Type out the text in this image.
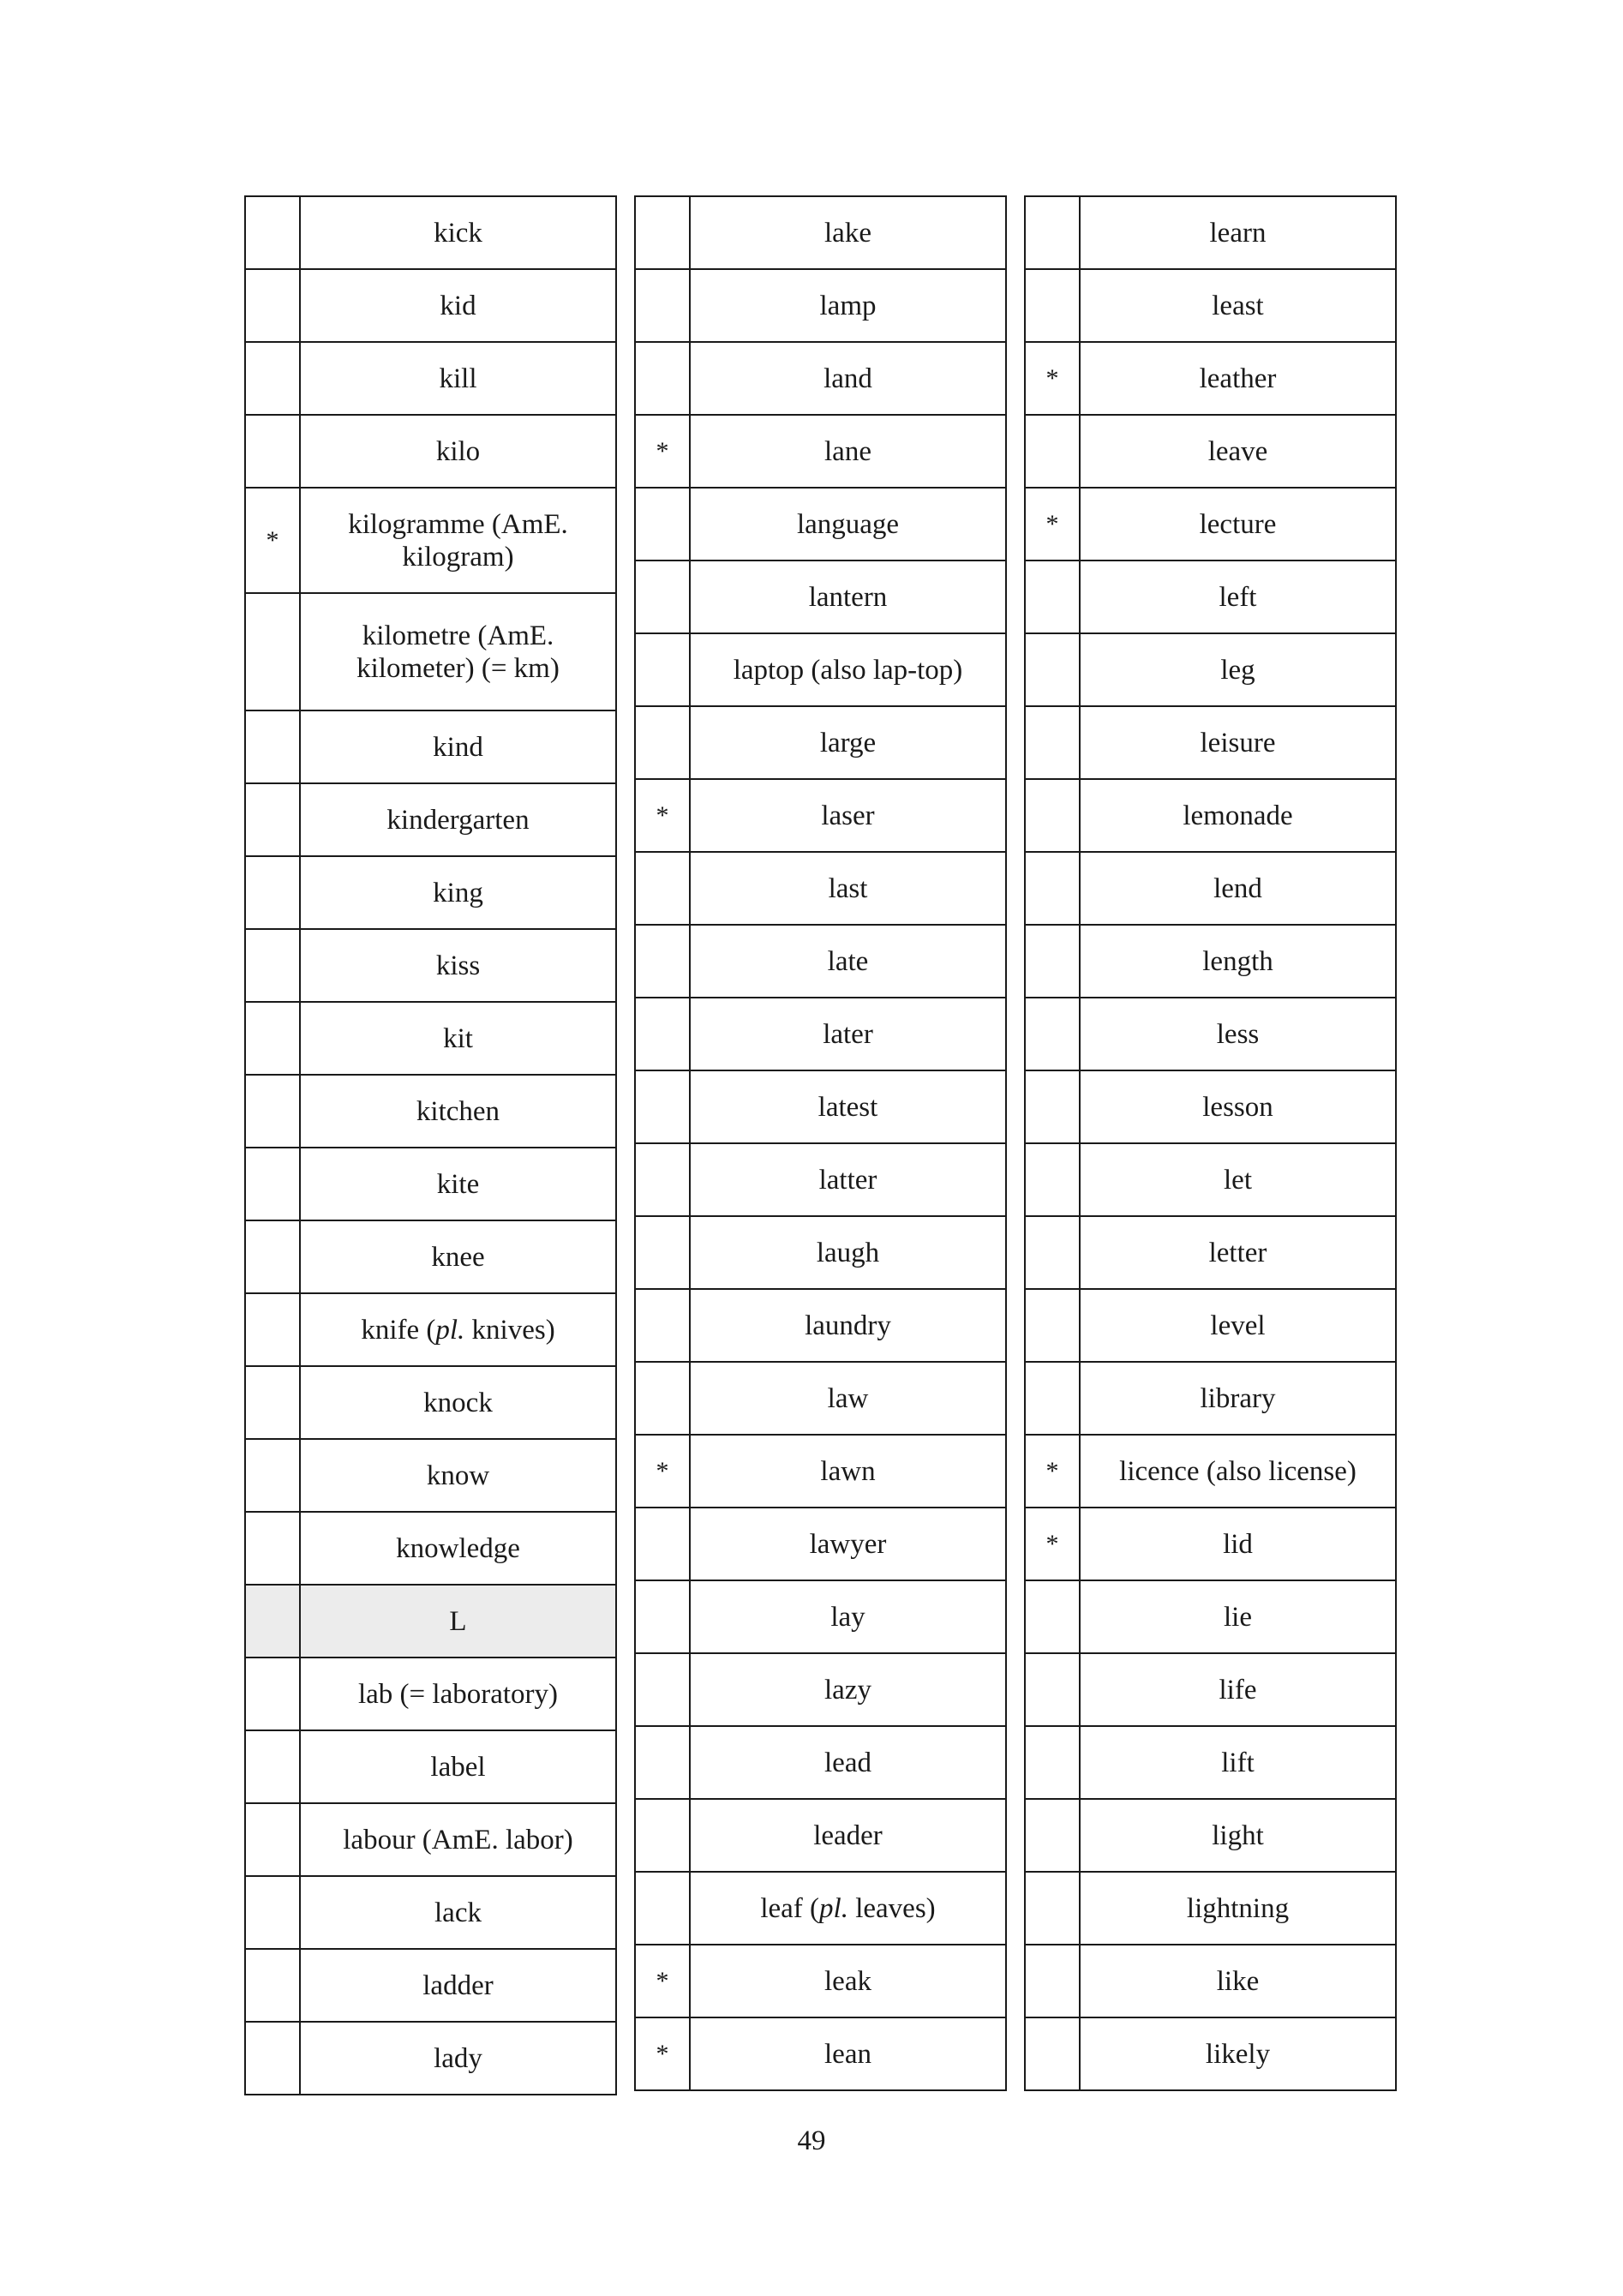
	kick
	kid
	kill
	kilo
*	kilogramme (AmE. kilogram)
	kilometre (AmE. kilometer) (= km)
	kind
	kindergarten
	king
	kiss
	kit
	kitchen
	kite
	knee
	knife (pl. knives)
	knock
	know
	knowledge
	L
	lab (= laboratory)
	label
	labour (AmE. labor)
	lack
	ladder
	lady
	lake
	lamp
	land
*	lane
	language
	lantern
	laptop (also lap-top)
	large
*	laser
	last
	late
	later
	latest
	latter
	laugh
	laundry
	law
*	lawn
	lawyer
	lay
	lazy
	lead
	leader
	leaf (pl. leaves)
*	leak
*	lean
	learn
	least
*	leather
	leave
*	lecture
	left
	leg
	leisure
	lemonade
	lend
	length
	less
	lesson
	let
	letter
	level
	library
*	licence (also license)
*	lid
	lie
	life
	lift
	light
	lightning
	like
	likely
49
